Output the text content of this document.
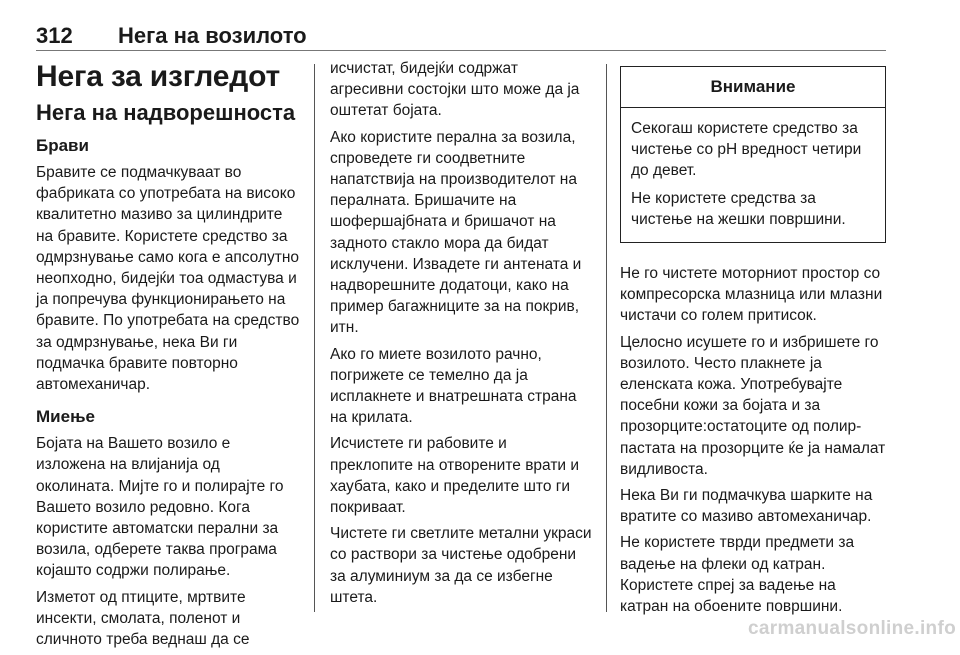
312	Нега на возилото
Нега за изгледот
Нега на надворешноста
Брави

Бравите се подмачкуваат во фабриката со употребата на високо квалитетно мазиво за цилиндрите на бравите. Користете средство за одмрзнување само кога е апсолутно неопходно, бидејќи тоа одмастува и ја попречува функционирањето на бравите. По употребата на средство за одмрзнување, нека Ви ги подмачка бравите повторно автомеханичар.

Миење

Бојата на Вашето возило е изложена на влијанија од околината. Мијте го и полирајте го Вашето возило редовно. Кога користите автоматски перални за возила, одберете таква програма којашто содржи полирање.

Изметот од птиците, мртвите инсекти, смолата, поленот и сличното треба веднаш да се

исчистат, бидејќи содржат агресивни состојки што може да ја оштетат бојата.

Ако користите перална за возила, спроведете ги соодветните напатствија на производителот на пералната. Бришачите на шофершајбната и бришачот на задното стакло мора да бидат исклучени. Извадете ги антената и надворешните додатоци, како на пример багажниците за на покрив, итн.

Ако го миете возилото рачно, погрижете се темелно да ја исплакнете и внатрешната страна на крилата.

Исчистете ги рабовите и преклопите на отворените врати и хаубата, како и пределите што ги покриваат.

Чистете ги светлите метални украси со раствори за чистење одобрени за алуминиум за да се избегне штета.

Внимание

Секогаш користете средство за чистење со pH вредност четири до девет.

Не користете средства за чистење на жешки површини.

Не го чистете моторниот простор со компресорска млазница или млазни чистачи со голем притисок.

Целосно исушете го и избришете го возилото. Често плакнете ја еленската кожа. Употребувајте посебни кожи за бојата и за прозорците:остатоците од полир-пастата на прозорците ќе ја намалат видливоста.

Нека Ви ги подмачкува шарките на вратите со мазиво автомеханичар.

Не користете тврди предмети за вадење на флеки од катран. Користете спреј за вадење на катран на обоените површини.

carmanualsonline.info
